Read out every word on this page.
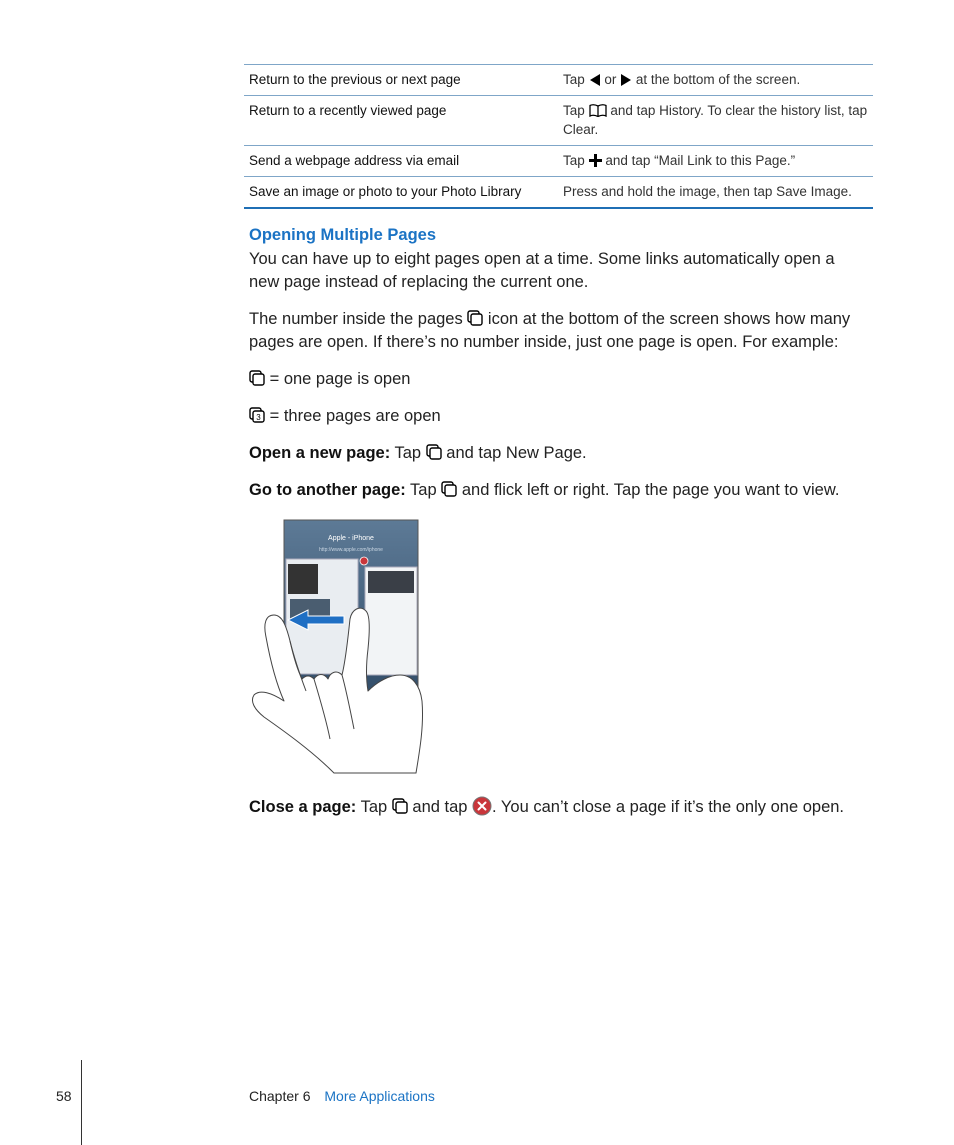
Return to the previous or next page	Tap or at the bottom of the screen.
Return to a recently viewed page	Tap and tap History. To clear the history list, tap Clear.
Send a webpage address via email	Tap and tap “Mail Link to this Page.”
Save an image or photo to your Photo Library	Press and hold the image, then tap Save Image.
Opening Multiple Pages
You can have up to eight pages open at a time. Some links automatically open a new page instead of replacing the current one.
The number inside the pages icon at the bottom of the screen shows how many pages are open. If there’s no number inside, just one page is open. For example:
= one page is open
3 = three pages are open
Open a new page: Tap and tap New Page.
Go to another page: Tap and flick left or right. Tap the page you want to view.
Apple - iPhone
http://www.apple.com/iphone
Close a page: Tap and tap . You can’t close a page if it’s the only one open.
58	Chapter 6 More Applications
